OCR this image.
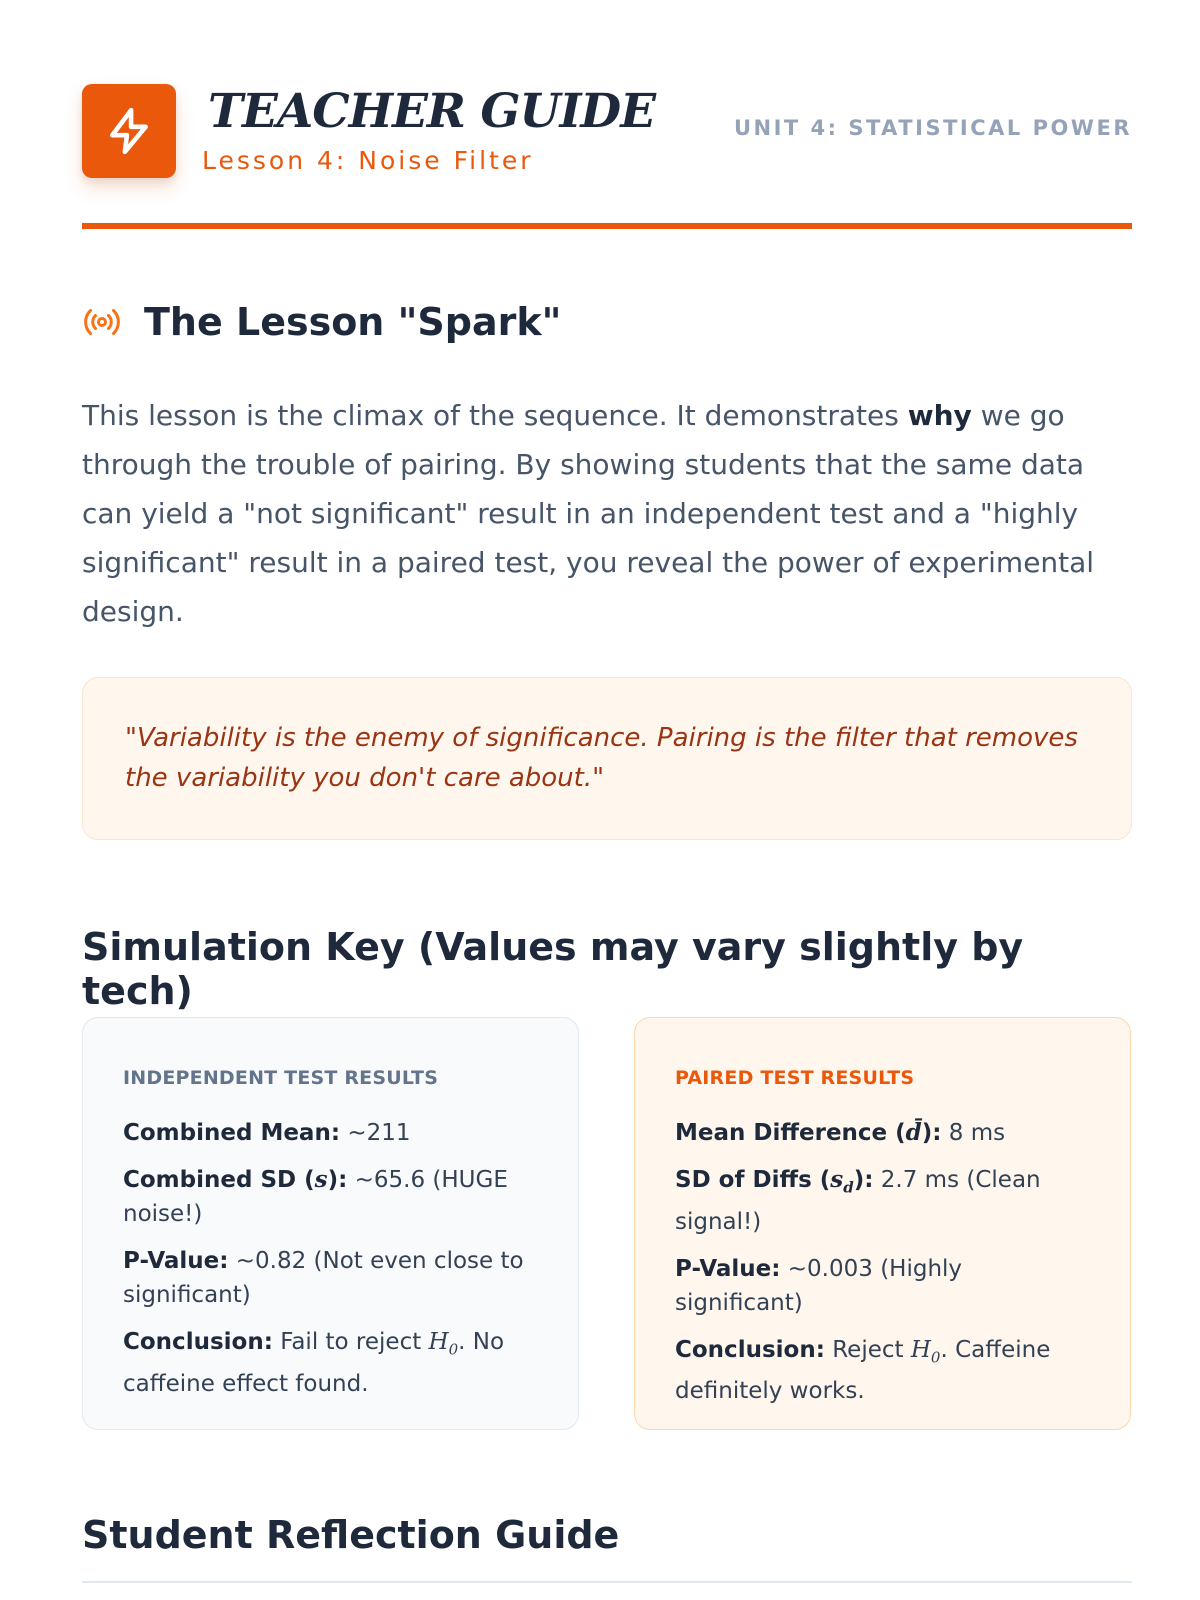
TEACHER GUIDE
Lesson 4: Noise Filter
UNIT 4: STATISTICAL POWER
The Lesson "Spark"

This lesson is the climax of the sequence. It demonstrates why we go through the trouble of pairing. By showing students that the same data can yield a "not significant" result in an independent test and a "highly significant" result in a paired test, you reveal the power of experimental design.

"Variability is the enemy of significance. Pairing is the filter that removes the variability you don't care about."

Simulation Key (Values may vary slightly by tech)
INDEPENDENT TEST RESULTS
Combined Mean: ~211
Combined SD (s): ~65.6 (HUGE noise!)
P-Value: ~0.82 (Not even close to significant)
Conclusion: Fail to reject $H_0$. No caffeine effect found.
PAIRED TEST RESULTS
Mean Difference (d̄): 8 ms
SD of Diffs $(s_d)$: 2.7 ms (Clean signal!)
P-Value: ~0.003 (Highly significant)
Conclusion: Reject $H_0$. Caffeine definitely works.
Student Reflection Guide
